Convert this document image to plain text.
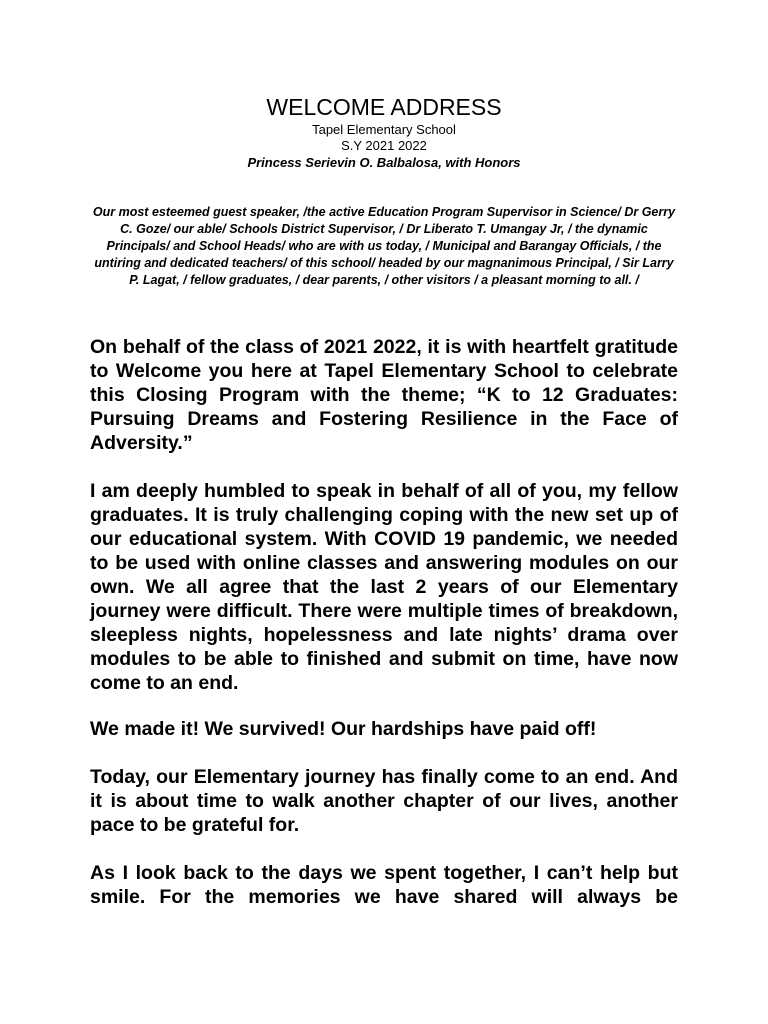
WELCOME ADDRESS
Tapel Elementary School
S.Y 2021 2022
Princess Serievin O. Balbalosa, with Honors

Our most esteemed guest speaker, /the active Education Program Supervisor in Science/ Dr Gerry C. Goze/ our able/ Schools District Supervisor, / Dr Liberato T. Umangay Jr, / the dynamic Principals/ and School Heads/ who are with us today, / Municipal and Barangay Officials, / the untiring and dedicated teachers/ of this school/ headed by our magnanimous Principal, / Sir Larry P. Lagat, / fellow graduates, / dear parents, / other visitors / a pleasant morning to all. /

On behalf of the class of 2021 2022, it is with heartfelt gratitude to Welcome you here at Tapel Elementary School to celebrate this Closing Program with the theme; “K to 12 Graduates: Pursuing Dreams and Fostering Resilience in the Face of Adversity.”

I am deeply humbled to speak in behalf of all of you, my fellow graduates. It is truly challenging coping with the new set up of our educational system. With COVID 19 pandemic, we needed to be used with online classes and answering modules on our own. We all agree that the last 2 years of our Elementary journey were difficult. There were multiple times of breakdown, sleepless nights, hopelessness and late nights’ drama over modules to be able to finished and submit on time, have now come to an end.

We made it! We survived! Our hardships have paid off!

Today, our Elementary journey has finally come to an end. And it is about time to walk another chapter of our lives, another pace to be grateful for.

As I look back to the days we spent together, I can’t help but smile. For the memories we have shared will always be
